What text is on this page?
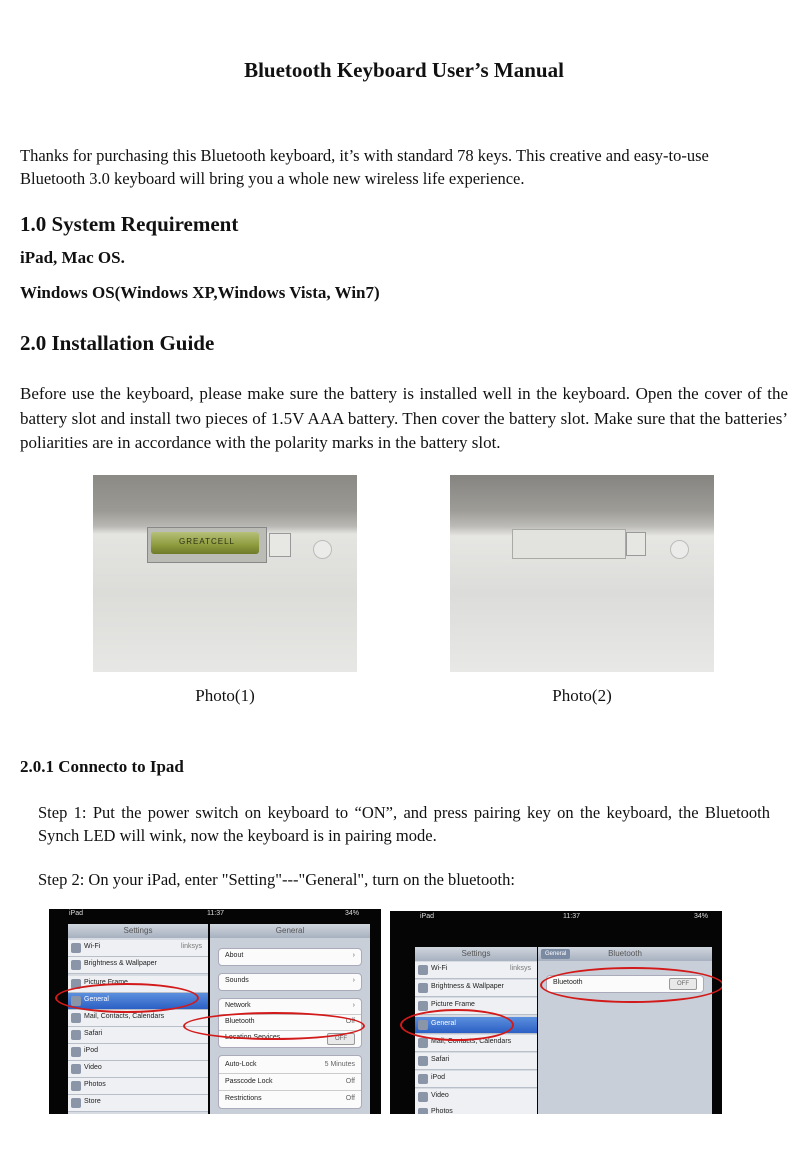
Bluetooth Keyboard User’s Manual

Thanks for purchasing this Bluetooth keyboard, it’s with standard 78 keys. This creative and easy-to-use Bluetooth 3.0 keyboard will bring you a whole new wireless life experience.

1.0 System Requirement
iPad, Mac OS.
Windows OS(Windows XP,Windows Vista, Win7)
2.0 Installation Guide

Before use the keyboard, please make sure the battery is installed well in the keyboard. Open the cover of the battery slot and install two pieces of 1.5V AAA battery. Then cover the battery slot. Make sure that the batteries’ poliarities are in accordance with the polarity marks in the battery slot.

GREATCELL
Photo(1)	Photo(2)
2.0.1 Connecto to Ipad

Step 1: Put the power switch on keyboard to “ON”, and press pairing key on the keyboard, the Bluetooth Synch LED will wink, now the keyboard is in pairing mode.

Step 2: On your iPad, enter "Setting"---"General", turn on the bluetooth:

iPad	11:37	34%
Settings
Wi-Fi	linksys
Brightness & Wallpaper
Picture Frame
General
Mail, Contacts, Calendars
Safari
iPod
Video
Photos
Store
General
About	›
Sounds	›
Network	›
Bluetooth	Off
Location Services	OFF
Auto-Lock	5 Minutes
Passcode Lock	Off
Restrictions	Off
iPad	11:37	34%
Settings
Wi-Fi	linksys
Brightness & Wallpaper
Picture Frame
General
Mail, Contacts, Calendars
Safari
iPod
Video
Photos
Bluetooth
General
Bluetooth	OFF
